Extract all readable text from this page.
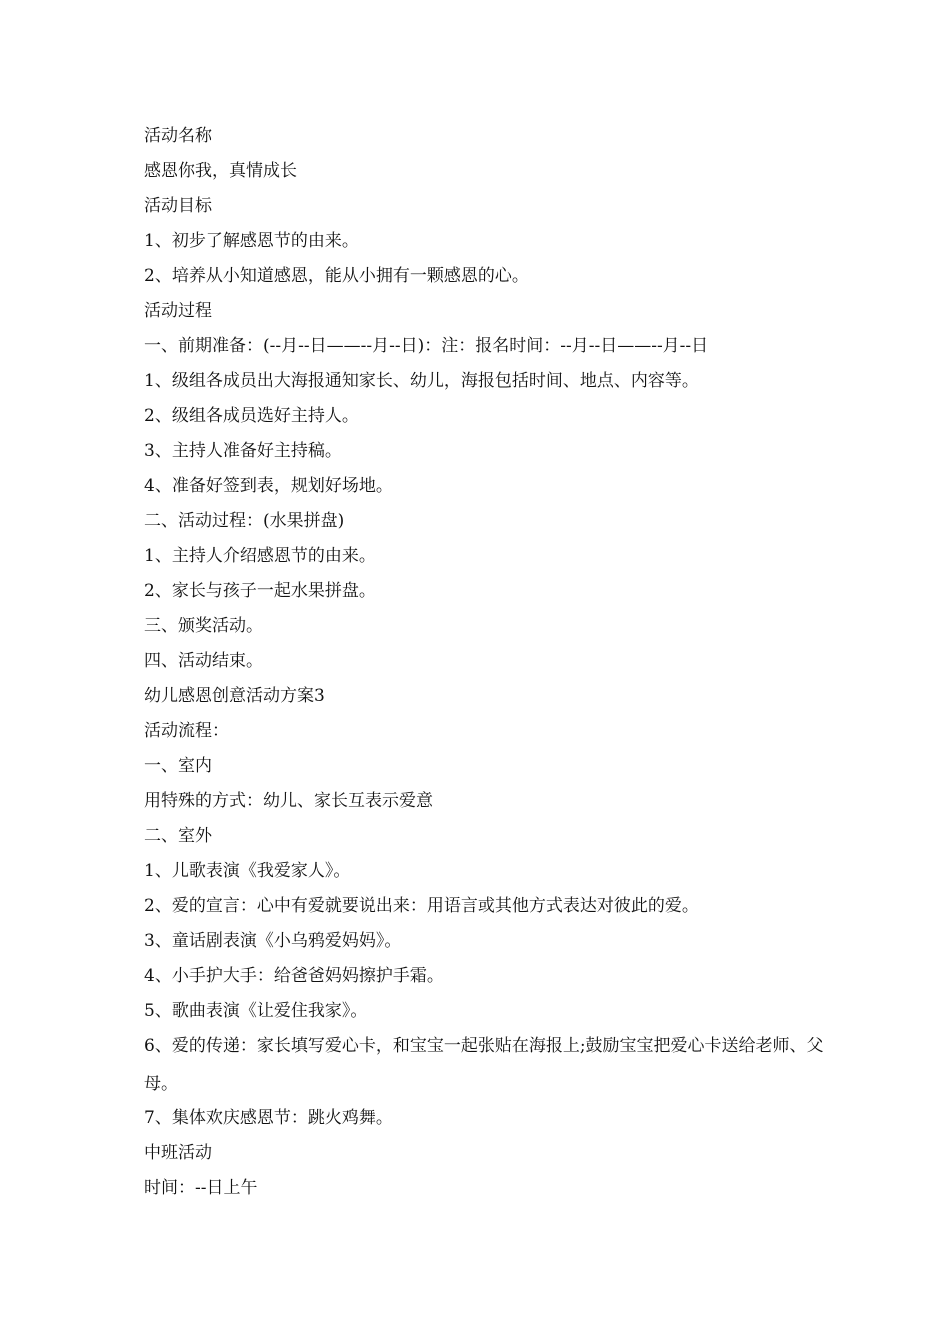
活动名称

感恩你我，真情成长

活动目标

1、初步了解感恩节的由来。

2、培养从小知道感恩，能从小拥有一颗感恩的心。

活动过程

一、前期准备：(--月--日——--月--日)：注：报名时间：--月--日——--月--日

1、级组各成员出大海报通知家长、幼儿，海报包括时间、地点、内容等。

2、级组各成员选好主持人。

3、主持人准备好主持稿。

4、准备好签到表，规划好场地。

二、活动过程：(水果拼盘)

1、主持人介绍感恩节的由来。

2、家长与孩子一起水果拼盘。

三、颁奖活动。

四、活动结束。

幼儿感恩创意活动方案3

活动流程：

一、室内

用特殊的方式：幼儿、家长互表示爱意

二、室外

1、儿歌表演《我爱家人》。

2、爱的宣言：心中有爱就要说出来：用语言或其他方式表达对彼此的爱。

3、童话剧表演《小乌鸦爱妈妈》。

4、小手护大手：给爸爸妈妈擦护手霜。

5、歌曲表演《让爱住我家》。

6、爱的传递：家长填写爱心卡，和宝宝一起张贴在海报上;鼓励宝宝把爱心卡送给老师、父母。

7、集体欢庆感恩节：跳火鸡舞。

中班活动

时间：--日上午
